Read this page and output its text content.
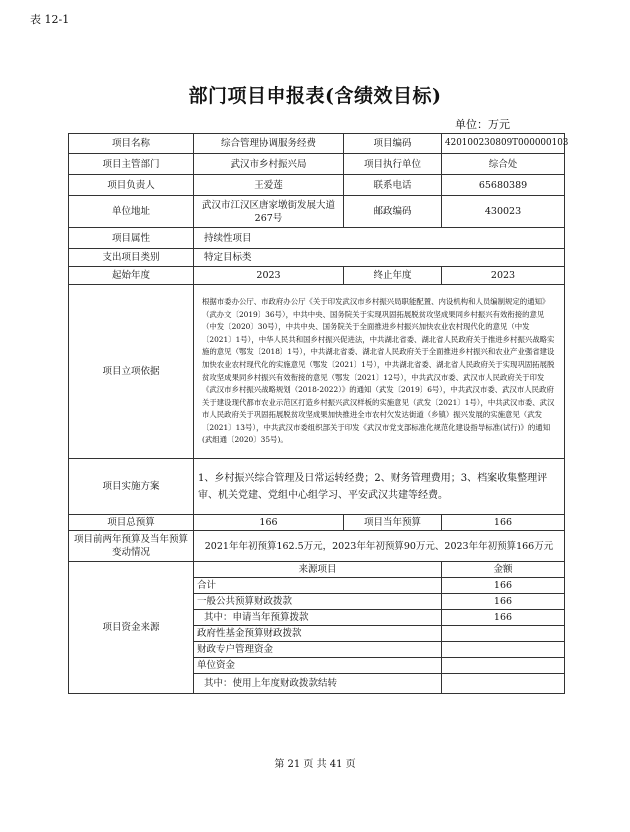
表 12-1
部门项目申报表(含绩效目标)
单位：万元
项目名称	综合管理协调服务经费	项目编码	420100230809T000000103
项目主管部门	武汉市乡村振兴局	项目执行单位	综合处
项目负责人	王爱莲	联系电话	65680389
单位地址	武汉市江汉区唐家墩街发展大道267号	邮政编码	430023
项目属性	持续性项目		
支出项目类别	特定目标类		
起始年度	2023	终止年度	2023
项目立项依据	根据市委办公厅、市政府办公厅《关于印发武汉市乡村振兴局职能配置、内设机构和人员编制规定的通知》（武办文〔2019〕36号），中共中央、国务院关于实现巩固拓展脱贫攻坚成果同乡村振兴有效衔接的意见（中发〔2020〕30号），中共中央、国务院关于全面推进乡村振兴加快农业农村现代化的意见（中发〔2021〕1号），中华人民共和国乡村振兴促进法，中共湖北省委、湖北省人民政府关于推进乡村振兴战略实施的意见（鄂发〔2018〕1号），中共湖北省委、湖北省人民政府关于全面推进乡村振兴和农业产业强省建设加快农业农村现代化的实施意见（鄂发〔2021〕1号），中共湖北省委、湖北省人民政府关于实现巩固拓展脱贫攻坚成果同乡村振兴有效衔接的意见（鄂发〔2021〕12号），中共武汉市委、武汉市人民政府关于印发《武汉市乡村振兴战略规划（2018-2022）》的通知（武发〔2019〕6号），中共武汉市委、武汉市人民政府关于建设现代都市农业示范区打造乡村振兴武汉样板的实施意见（武发〔2021〕1号），中共武汉市委、武汉市人民政府关于巩固拓展脱贫攻坚成果加快推进全市农村欠发达街道（乡镇）振兴发展的实施意见（武发〔2021〕13号），中共武汉市委组织部关于印发《武汉市党支部标准化规范化建设指导标准(试行)》的通知(武组通〔2020〕35号)。		
项目实施方案	1、乡村振兴综合管理及日常运转经费；2、财务管理费用；3、档案收集整理评审、机关党建、党组中心组学习、平安武汉共建等经费。		
项目总预算	166	项目当年预算	166
项目前两年预算及当年预算变动情况	2021年年初预算162.5万元，2023年年初预算90万元、2023年年初预算166万元		
项目资金来源	来源项目		金额
	合计		166
	一般公共预算财政拨款		166
	其中：申请当年预算拨款		166
	政府性基金预算财政拨款		
	财政专户管理资金		
	单位资金		
	其中：使用上年度财政拨款结转		
第 21 页 共 41 页
